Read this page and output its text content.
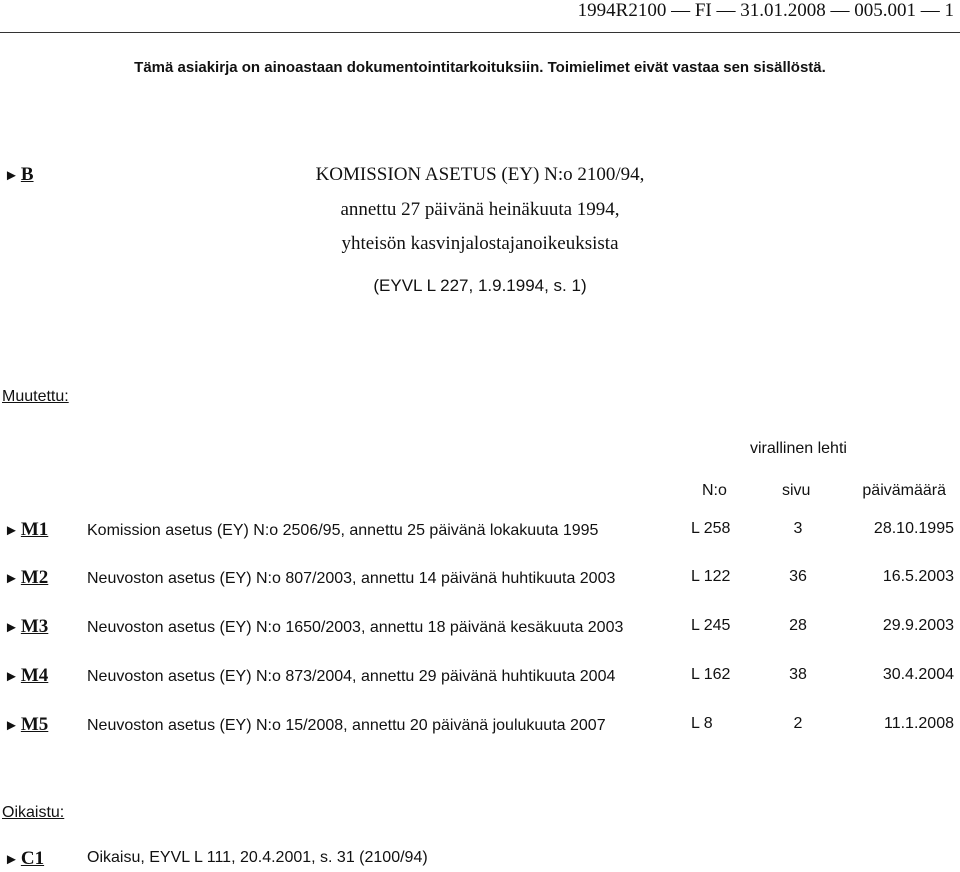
1994R2100 — FI — 31.01.2008 — 005.001 — 1
Tämä asiakirja on ainoastaan dokumentointitarkoituksiin. Toimielimet eivät vastaa sen sisällöstä.
► B	KOMISSION ASETUS (EY) N:o 2100/94,
annettu 27 päivänä heinäkuuta 1994,
yhteisön kasvinjalostajanoikeuksista
(EYVL L 227, 1.9.1994, s. 1)
Muutettu:
virallinen lehti
N:o	sivu	päivämäärä
► M1 Komission asetus (EY) N:o 2506/95, annettu 25 päivänä lokakuuta 1995	L 258	3	28.10.1995
► M2 Neuvoston asetus (EY) N:o 807/2003, annettu 14 päivänä huhtikuuta 2003	L 122	36	16.5.2003
► M3 Neuvoston asetus (EY) N:o 1650/2003, annettu 18 päivänä kesäkuuta 2003	L 245	28	29.9.2003
► M4 Neuvoston asetus (EY) N:o 873/2004, annettu 29 päivänä huhtikuuta 2004	L 162	38	30.4.2004
► M5 Neuvoston asetus (EY) N:o 15/2008, annettu 20 päivänä joulukuuta 2007	L 8	2	11.1.2008
Oikaistu:
► C1	Oikaisu, EYVL L 111, 20.4.2001, s. 31 (2100/94)
